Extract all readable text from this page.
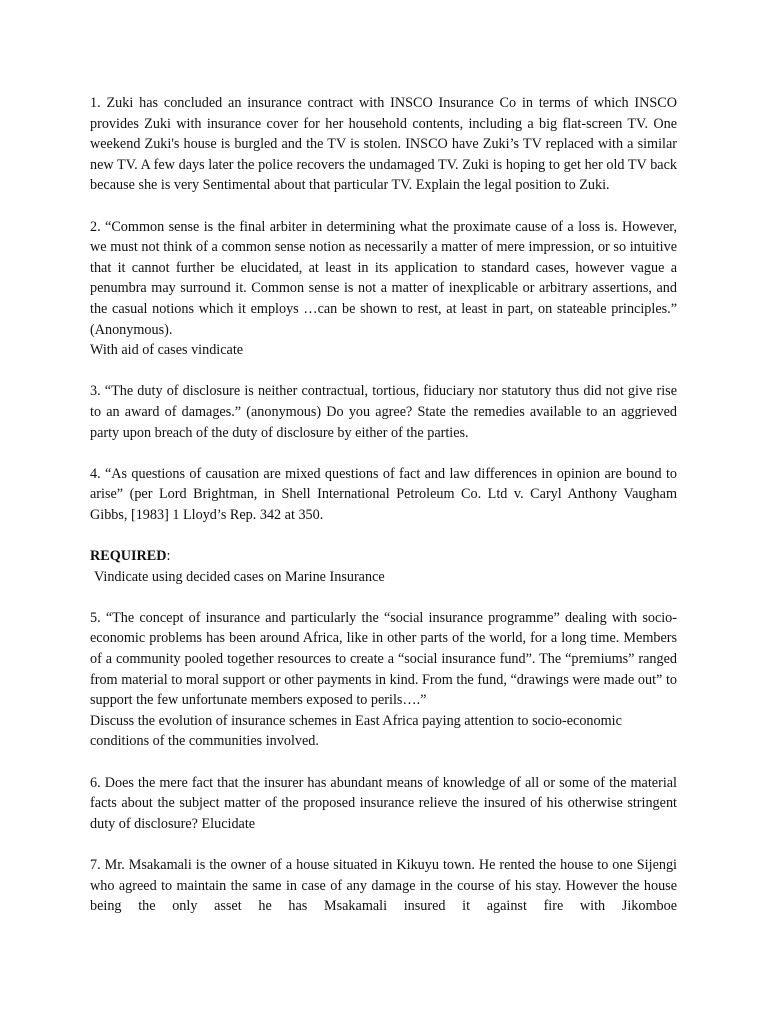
1. Zuki has concluded an insurance contract with INSCO Insurance Co in terms of which INSCO provides Zuki with insurance cover for her household contents, including a big flat-screen TV. One weekend Zuki's house is burgled and the TV is stolen. INSCO have Zuki’s TV replaced with a similar new TV. A few days later the police recovers the undamaged TV. Zuki is hoping to get her old TV back because she is very Sentimental about that particular TV. Explain the legal position to Zuki.

2. “Common sense is the final arbiter in determining what the proximate cause of a loss is. However, we must not think of a common sense notion as necessarily a matter of mere impression, or so intuitive that it cannot further be elucidated, at least in its application to standard cases, however vague a penumbra may surround it. Common sense is not a matter of inexplicable or arbitrary assertions, and the casual notions which it employs …can be shown to rest, at least in part, on stateable principles.” (Anonymous).
With aid of cases vindicate

3. “The duty of disclosure is neither contractual, tortious, fiduciary nor statutory thus did not give rise to an award of damages.” (anonymous) Do you agree? State the remedies available to an aggrieved party upon breach of the duty of disclosure by either of the parties.

4. “As questions of causation are mixed questions of fact and law differences in opinion are bound to arise” (per Lord Brightman, in Shell International Petroleum Co. Ltd v. Caryl Anthony Vaugham Gibbs, [1983] 1 Lloyd’s Rep. 342 at 350.

REQUIRED:
Vindicate using decided cases on Marine Insurance
5. “The concept of insurance and particularly the “social insurance programme” dealing with socio-economic problems has been around Africa, like in other parts of the world, for a long time. Members of a community pooled together resources to create a “social insurance fund”. The “premiums” ranged from material to moral support or other payments in kind. From the fund, “drawings were made out” to support the few unfortunate members exposed to perils….”
Discuss the evolution of insurance schemes in East Africa paying attention to socio-economic conditions of the communities involved.

6. Does the mere fact that the insurer has abundant means of knowledge of all or some of the material facts about the subject matter of the proposed insurance relieve the insured of his otherwise stringent duty of disclosure? Elucidate

7. Mr. Msakamali is the owner of a house situated in Kikuyu town. He rented the house to one Sijengi who agreed to maintain the same in case of any damage in the course of his stay. However the house being the only asset he has Msakamali insured it against fire with Jikomboe
